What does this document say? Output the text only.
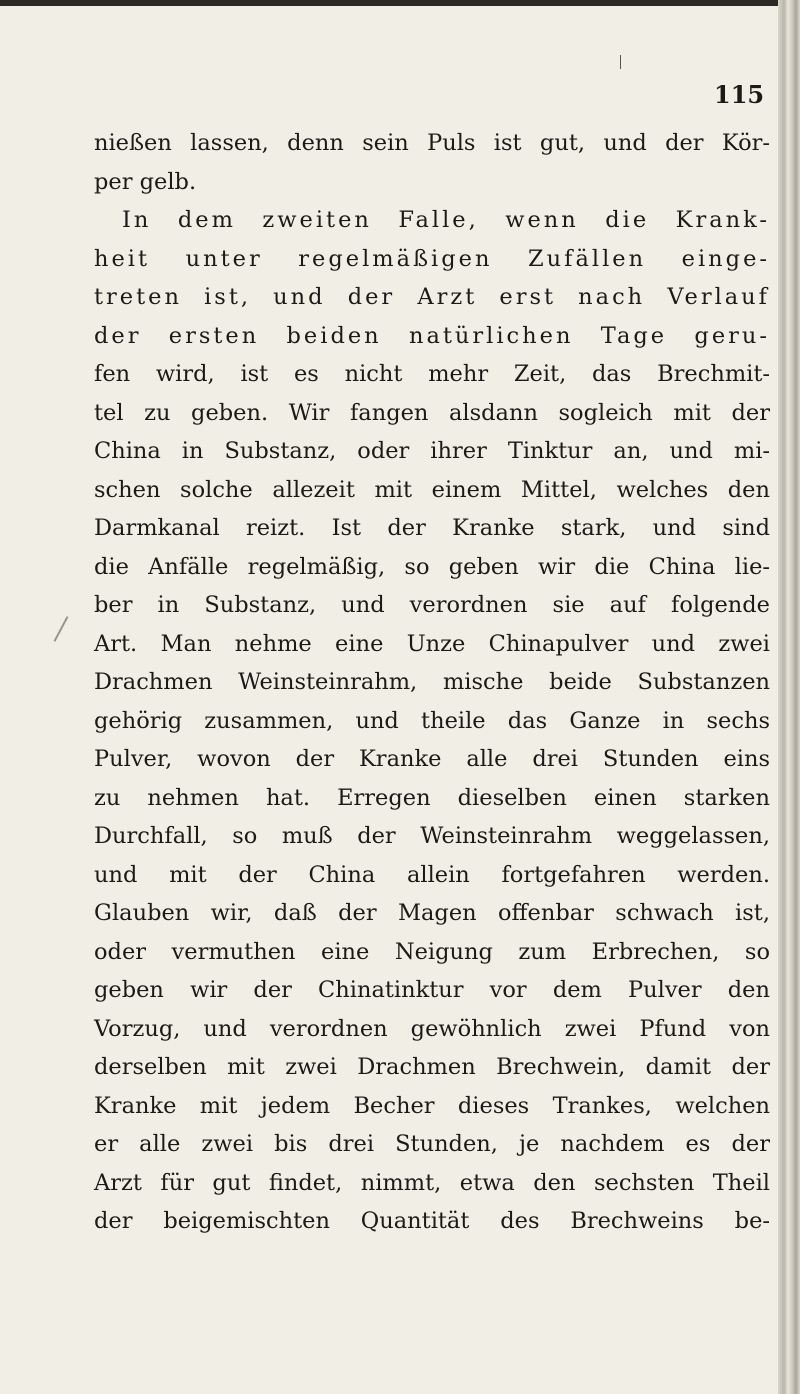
115
nießen lassen, denn sein Puls ist gut, und der Kör-
per gelb.
In dem zweiten Falle, wenn die Krank-
heit unter regelmäßigen Zufällen einge-
treten ist, und der Arzt erst nach Verlauf
der ersten beiden natürlichen Tage geru-
fen wird, ist es nicht mehr Zeit, das Brechmit-
tel zu geben. Wir fangen alsdann sogleich mit der
China in Substanz, oder ihrer Tinktur an, und mi-
schen solche allezeit mit einem Mittel, welches den
Darmkanal reizt. Ist der Kranke stark, und sind
die Anfälle regelmäßig, so geben wir die China lie-
ber in Substanz, und verordnen sie auf folgende
Art. Man nehme eine Unze Chinapulver und zwei
Drachmen Weinsteinrahm, mische beide Substanzen
gehörig zusammen, und theile das Ganze in sechs
Pulver, wovon der Kranke alle drei Stunden eins
zu nehmen hat. Erregen dieselben einen starken
Durchfall, so muß der Weinsteinrahm weggelassen,
und mit der China allein fortgefahren werden.
Glauben wir, daß der Magen offenbar schwach ist,
oder vermuthen eine Neigung zum Erbrechen, so
geben wir der Chinatinktur vor dem Pulver den
Vorzug, und verordnen gewöhnlich zwei Pfund von
derselben mit zwei Drachmen Brechwein, damit der
Kranke mit jedem Becher dieses Trankes, welchen
er alle zwei bis drei Stunden, je nachdem es der
Arzt für gut findet, nimmt, etwa den sechsten Theil
der beigemischten Quantität des Brechweins be-
